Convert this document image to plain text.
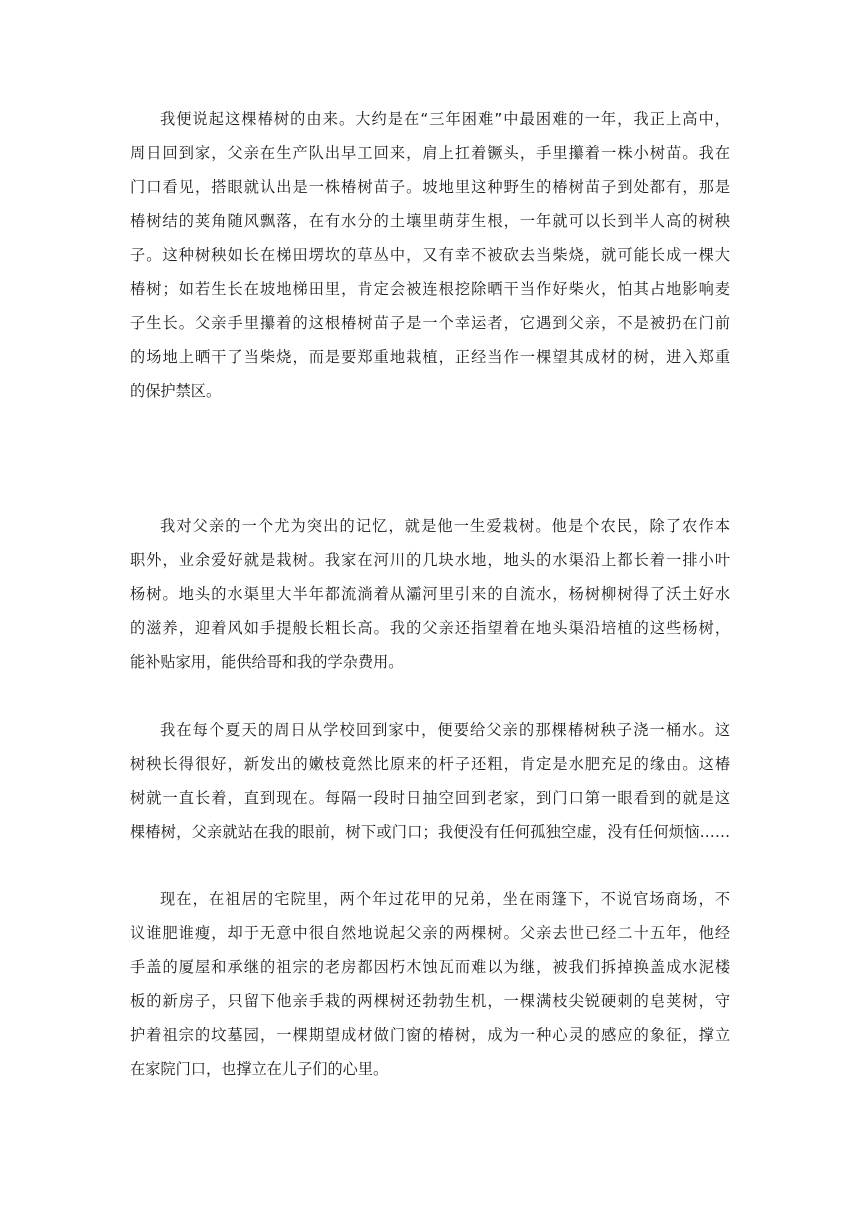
我便说起这棵椿树的由来。大约是在“三年困难”中最困难的一年，我正上高中，
周日回到家，父亲在生产队出早工回来，肩上扛着镢头，手里攥着一株小树苗。我在
门口看见，搭眼就认出是一株椿树苗子。坡地里这种野生的椿树苗子到处都有，那是
椿树结的荚角随风飘落，在有水分的土壤里萌芽生根，一年就可以长到半人高的树秧
子。这种树秧如长在梯田塄坎的草丛中，又有幸不被砍去当柴烧，就可能长成一棵大
椿树；如若生长在坡地梯田里，肯定会被连根挖除晒干当作好柴火，怕其占地影响麦
子生长。父亲手里攥着的这根椿树苗子是一个幸运者，它遇到父亲，不是被扔在门前
的场地上晒干了当柴烧，而是要郑重地栽植，正经当作一棵望其成材的树，进入郑重
的保护禁区。
我对父亲的一个尤为突出的记忆，就是他一生爱栽树。他是个农民，除了农作本
职外，业余爱好就是栽树。我家在河川的几块水地，地头的水渠沿上都长着一排小叶
杨树。地头的水渠里大半年都流淌着从灞河里引来的自流水，杨树柳树得了沃土好水
的滋养，迎着风如手提般长粗长高。我的父亲还指望着在地头渠沿培植的这些杨树，
能补贴家用，能供给哥和我的学杂费用。
我在每个夏天的周日从学校回到家中，便要给父亲的那棵椿树秧子浇一桶水。这
树秧长得很好，新发出的嫩枝竟然比原来的杆子还粗，肯定是水肥充足的缘由。这椿
树就一直长着，直到现在。每隔一段时日抽空回到老家，到门口第一眼看到的就是这
棵椿树，父亲就站在我的眼前，树下或门口；我便没有任何孤独空虚，没有任何烦恼……
现在，在祖居的宅院里，两个年过花甲的兄弟，坐在雨篷下，不说官场商场，不
议谁肥谁瘦，却于无意中很自然地说起父亲的两棵树。父亲去世已经二十五年，他经
手盖的厦屋和承继的祖宗的老房都因朽木蚀瓦而难以为继，被我们拆掉换盖成水泥楼
板的新房子，只留下他亲手栽的两棵树还勃勃生机，一棵满枝尖锐硬刺的皂荚树，守
护着祖宗的坟墓园，一棵期望成材做门窗的椿树，成为一种心灵的感应的象征，撑立
在家院门口，也撑立在儿子们的心里。
